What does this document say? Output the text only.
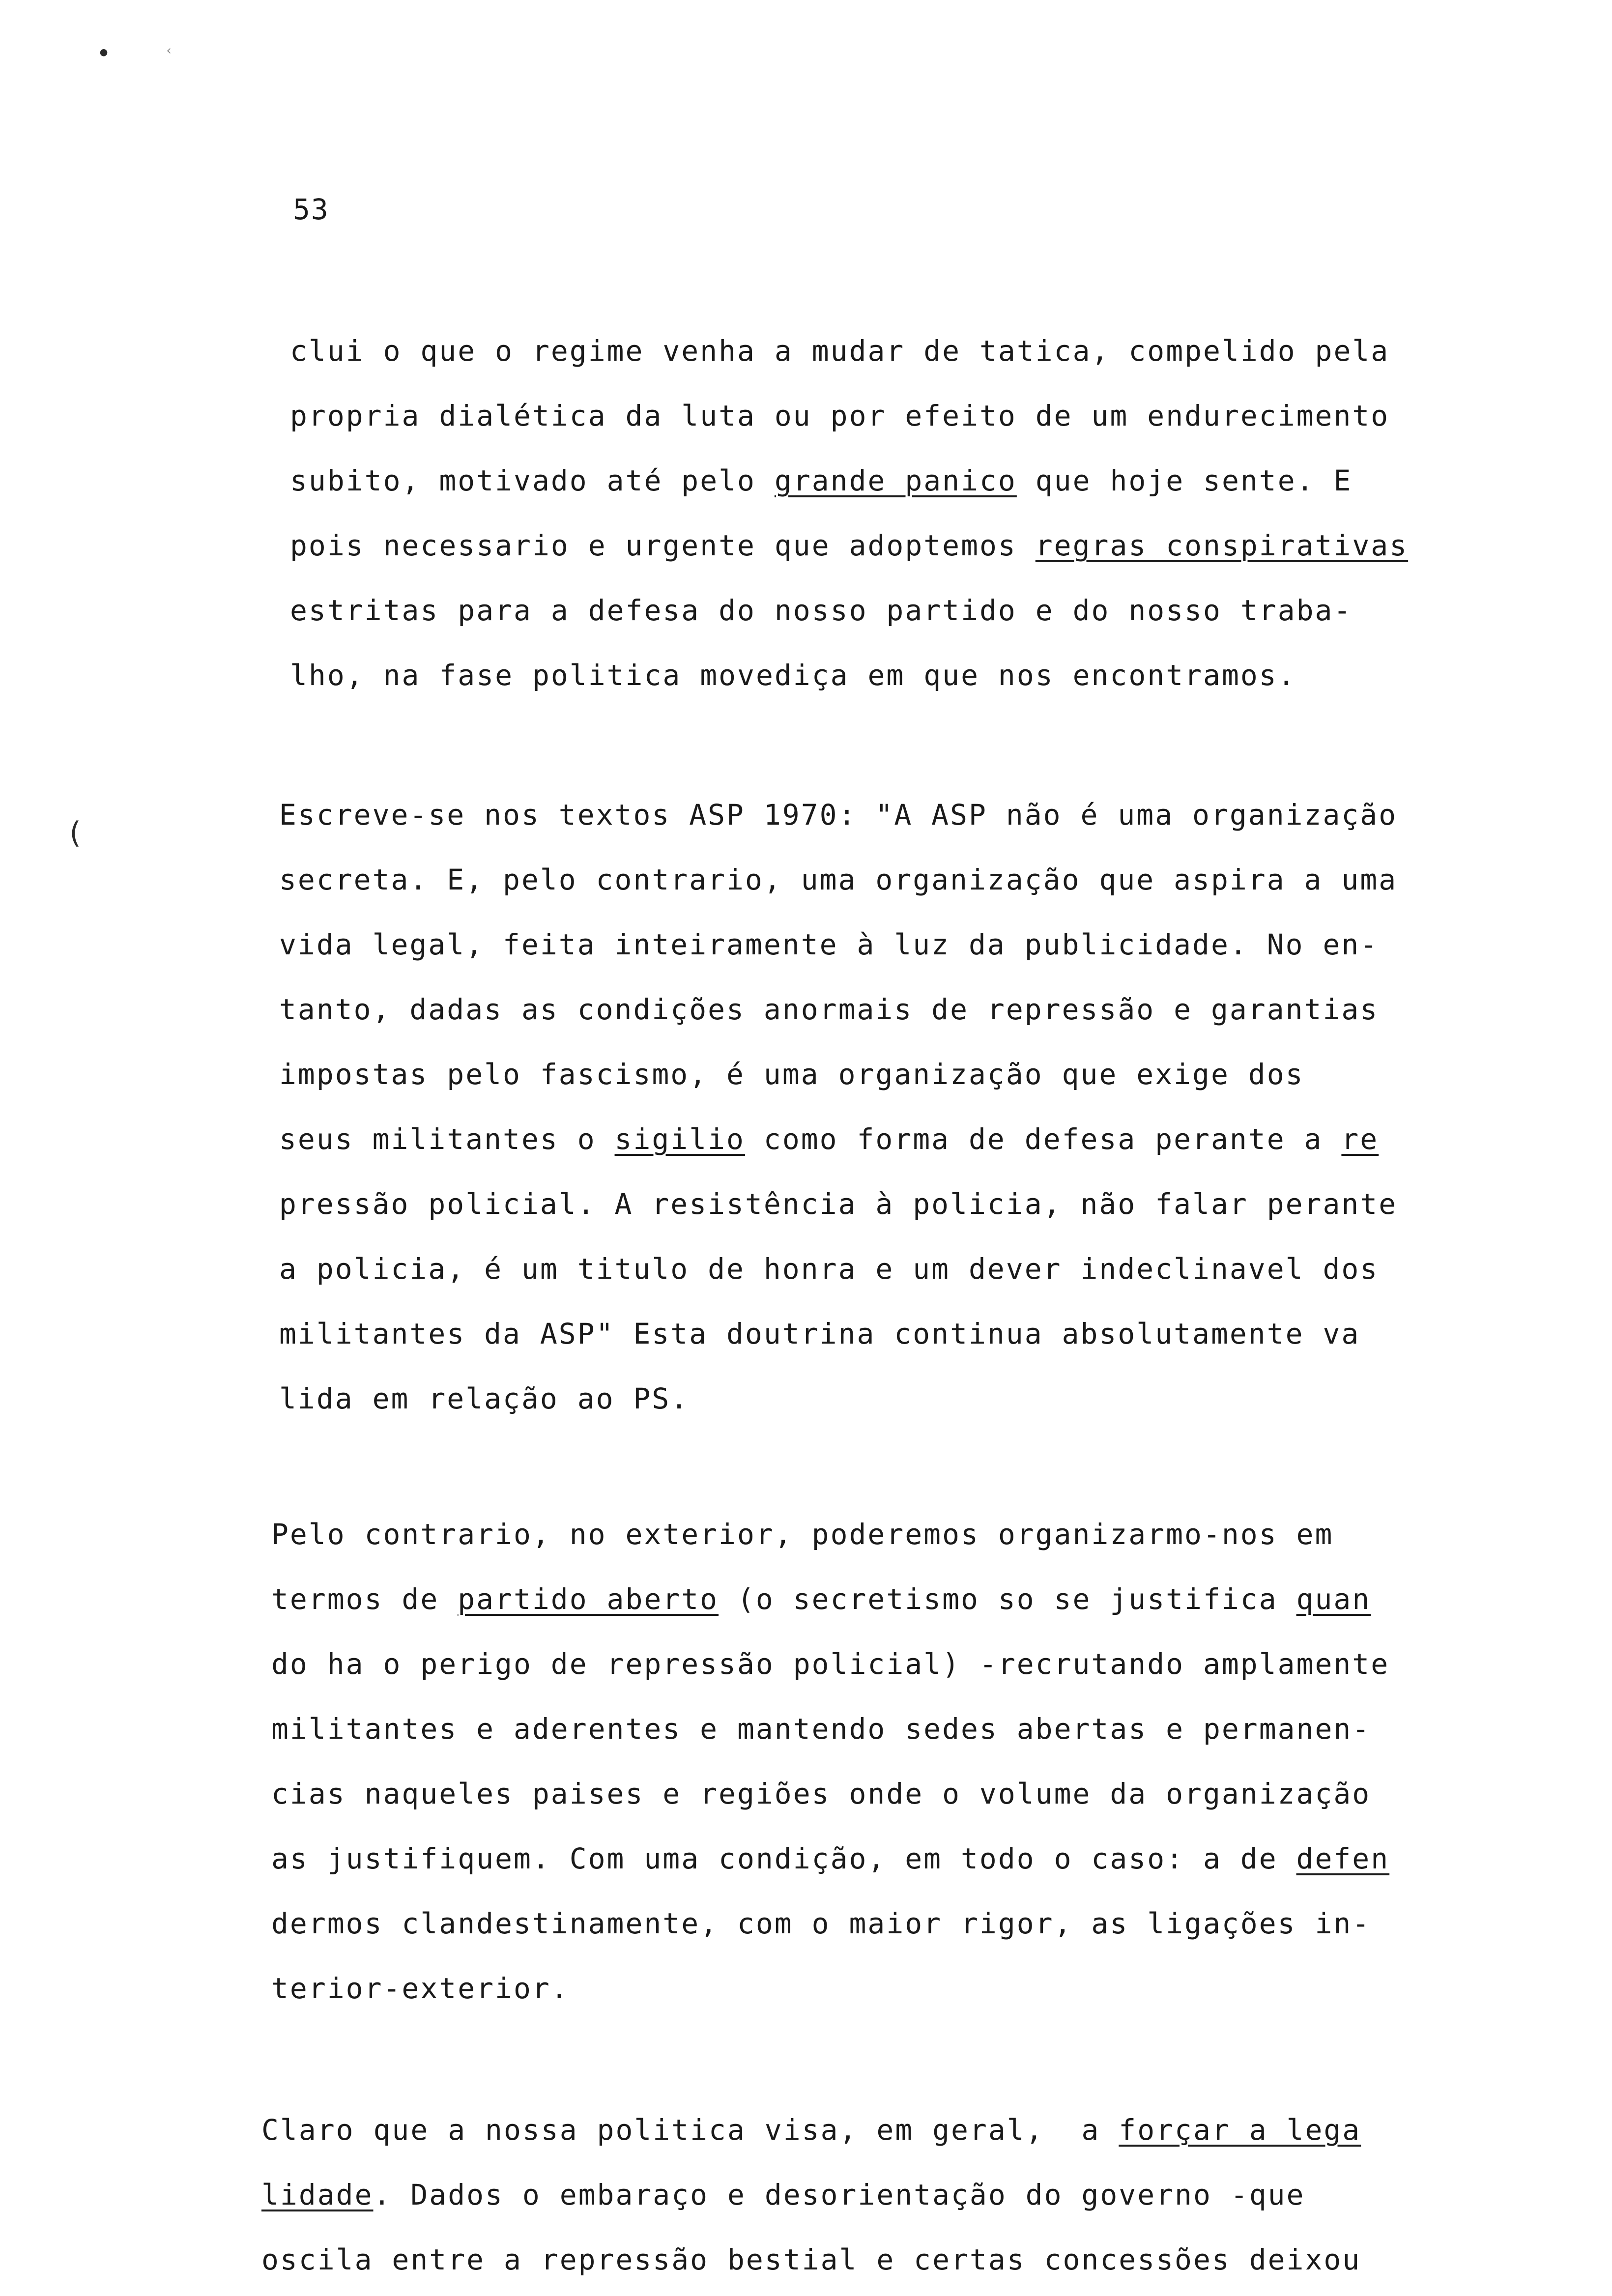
•	‹
(
53
clui o que o regime venha a mudar de tatica, compelido pela
propria dialética da luta ou por efeito de um endurecimento
subito, motivado até pelo grande panico que hoje sente. E
pois necessario e urgente que adoptemos regras conspirativas
estritas para a defesa do nosso partido e do nosso traba-
lho, na fase politica movediça em que nos encontramos.
Escreve-se nos textos ASP 1970: "A ASP não é uma organização
secreta. E, pelo contrario, uma organização que aspira a uma
vida legal, feita inteiramente à luz da publicidade. No en-
tanto, dadas as condições anormais de repressão e garantias
impostas pelo fascismo, é uma organização que exige dos
seus militantes o sigilio como forma de defesa perante a re
pressão policial. A resistência à policia, não falar perante
a policia, é um titulo de honra e um dever indeclinavel dos
militantes da ASP" Esta doutrina continua absolutamente va
lida em relação ao PS.
Pelo contrario, no exterior, poderemos organizarmo-nos em
termos de partido aberto (o secretismo so se justifica quan
do ha o perigo de repressão policial) -recrutando amplamente
militantes e aderentes e mantendo sedes abertas e permanen-
cias naqueles paises e regiões onde o volume da organização
as justifiquem. Com uma condição, em todo o caso: a de defen
dermos clandestinamente, com o maior rigor, as ligações in-
terior-exterior.
Claro que a nossa politica visa, em geral,  a forçar a lega
lidade. Dados o embaraço e desorientação do governo -que
oscila entre a repressão bestial e certas concessões deixou
